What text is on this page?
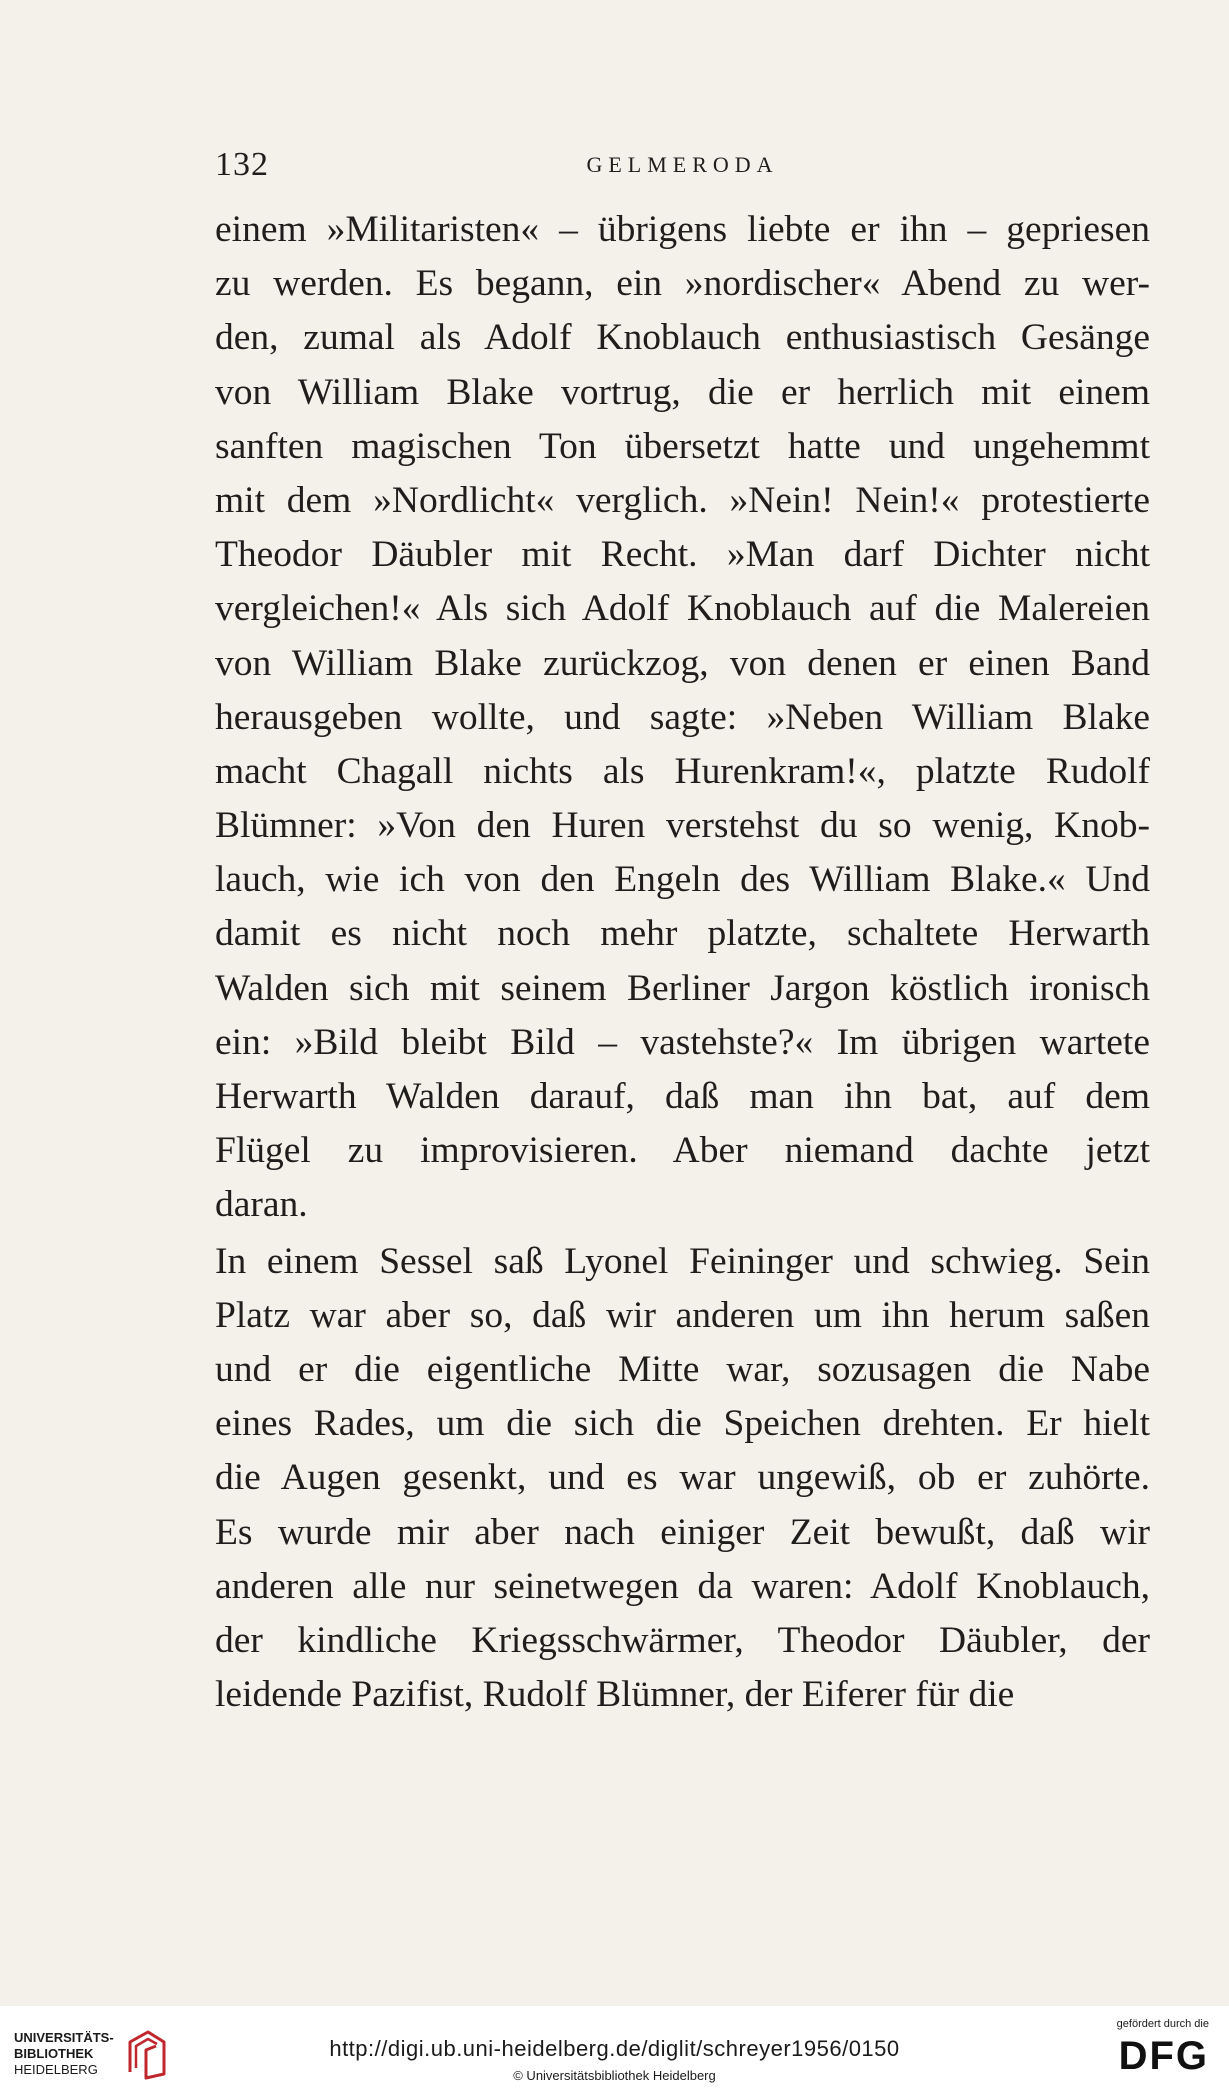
132	GELMERODA
einem »Militaristen« – übrigens liebte er ihn – gepriesen
zu werden. Es begann, ein »nordischer« Abend zu wer-
den, zumal als Adolf Knoblauch enthusiastisch Gesänge
von William Blake vortrug, die er herrlich mit einem
sanften magischen Ton übersetzt hatte und ungehemmt
mit dem »Nordlicht« verglich. »Nein! Nein!« protestierte
Theodor Däubler mit Recht. »Man darf Dichter nicht
vergleichen!« Als sich Adolf Knoblauch auf die Malereien
von William Blake zurückzog, von denen er einen Band
herausgeben wollte, und sagte: »Neben William Blake
macht Chagall nichts als Hurenkram!«, platzte Rudolf
Blümner: »Von den Huren verstehst du so wenig, Knob-
lauch, wie ich von den Engeln des William Blake.« Und
damit es nicht noch mehr platzte, schaltete Herwarth
Walden sich mit seinem Berliner Jargon köstlich ironisch
ein: »Bild bleibt Bild – vastehste?« Im übrigen wartete
Herwarth Walden darauf, daß man ihn bat, auf dem
Flügel zu improvisieren. Aber niemand dachte jetzt
daran.
In einem Sessel saß Lyonel Feininger und schwieg. Sein
Platz war aber so, daß wir anderen um ihn herum saßen
und er die eigentliche Mitte war, sozusagen die Nabe
eines Rades, um die sich die Speichen drehten. Er hielt
die Augen gesenkt, und es war ungewiß, ob er zuhörte.
Es wurde mir aber nach einiger Zeit bewußt, daß wir
anderen alle nur seinetwegen da waren: Adolf Knoblauch,
der kindliche Kriegsschwärmer, Theodor Däubler, der
leidende Pazifist, Rudolf Blümner, der Eiferer für die
UNIVERSITÄTS-
BIBLIOTHEK
HEIDELBERG
http://digi.ub.uni-heidelberg.de/diglit/schreyer1956/0150
© Universitätsbibliothek Heidelberg
gefördert durch die
DFG
